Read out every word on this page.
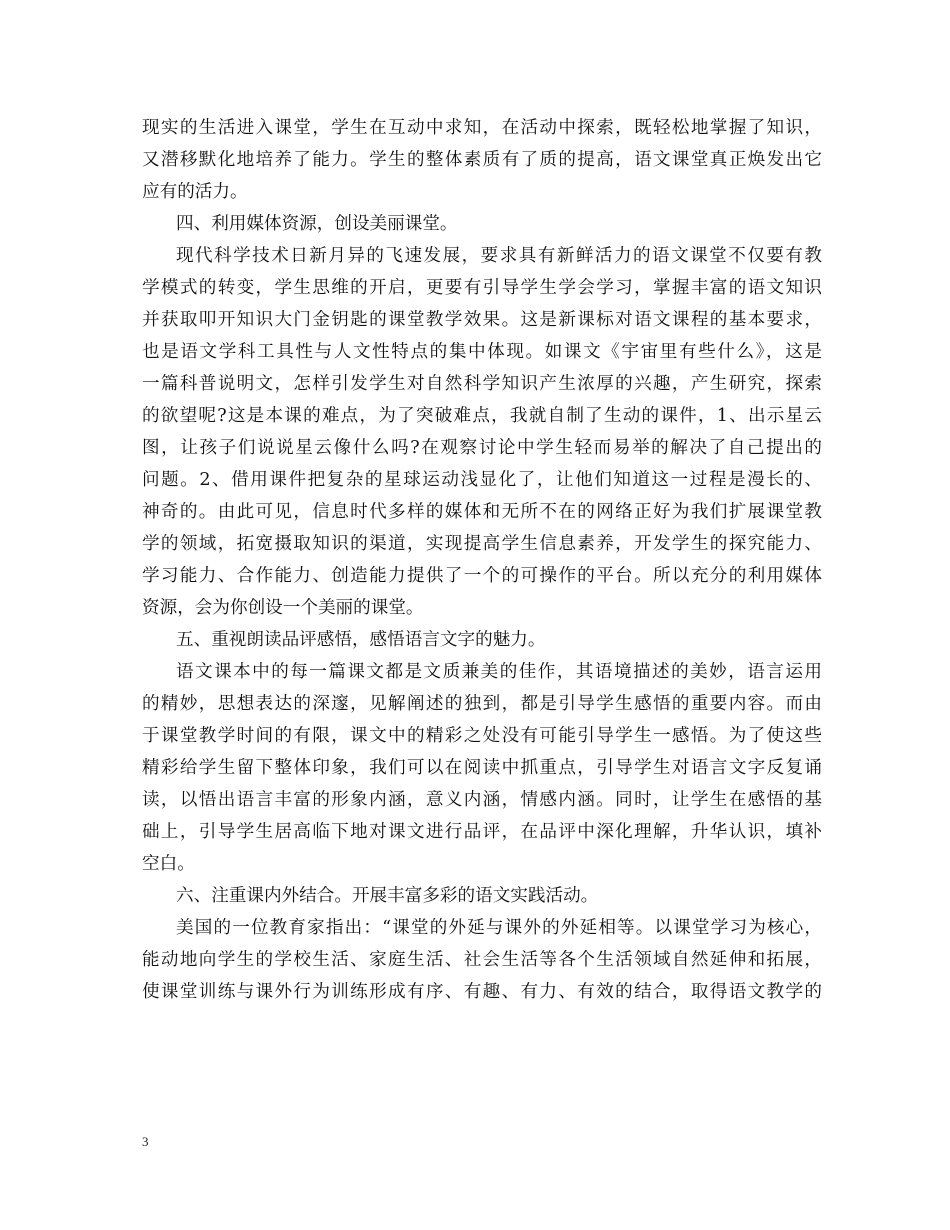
现实的生活进入课堂，学生在互动中求知，在活动中探索，既轻松地掌握了知识，
又潜移默化地培养了能力。学生的整体素质有了质的提高，语文课堂真正焕发出它
应有的活力。
四、利用媒体资源，创设美丽课堂。
现代科学技术日新月异的飞速发展，要求具有新鲜活力的语文课堂不仅要有教
学模式的转变，学生思维的开启，更要有引导学生学会学习，掌握丰富的语文知识
并获取叩开知识大门金钥匙的课堂教学效果。这是新课标对语文课程的基本要求，
也是语文学科工具性与人文性特点的集中体现。如课文《宇宙里有些什么》，这是
一篇科普说明文，怎样引发学生对自然科学知识产生浓厚的兴趣，产生研究，探索
的欲望呢?这是本课的难点，为了突破难点，我就自制了生动的课件，1、出示星云
图，让孩子们说说星云像什么吗?在观察讨论中学生轻而易举的解决了自己提出的
问题。2、借用课件把复杂的星球运动浅显化了，让他们知道这一过程是漫长的、
神奇的。由此可见，信息时代多样的媒体和无所不在的网络正好为我们扩展课堂教
学的领域，拓宽摄取知识的渠道，实现提高学生信息素养，开发学生的探究能力、
学习能力、合作能力、创造能力提供了一个的可操作的平台。所以充分的利用媒体
资源，会为你创设一个美丽的课堂。
五、重视朗读品评感悟，感悟语言文字的魅力。
语文课本中的每一篇课文都是文质兼美的佳作，其语境描述的美妙，语言运用
的精妙，思想表达的深邃，见解阐述的独到，都是引导学生感悟的重要内容。而由
于课堂教学时间的有限，课文中的精彩之处没有可能引导学生一感悟。为了使这些
精彩给学生留下整体印象，我们可以在阅读中抓重点，引导学生对语言文字反复诵
读，以悟出语言丰富的形象内涵，意义内涵，情感内涵。同时，让学生在感悟的基
础上，引导学生居高临下地对课文进行品评，在品评中深化理解，升华认识，填补
空白。
六、注重课内外结合。开展丰富多彩的语文实践活动。
美国的一位教育家指出：“课堂的外延与课外的外延相等。以课堂学习为核心，
能动地向学生的学校生活、家庭生活、社会生活等各个生活领域自然延伸和拓展，
使课堂训练与课外行为训练形成有序、有趣、有力、有效的结合，取得语文教学的
3
